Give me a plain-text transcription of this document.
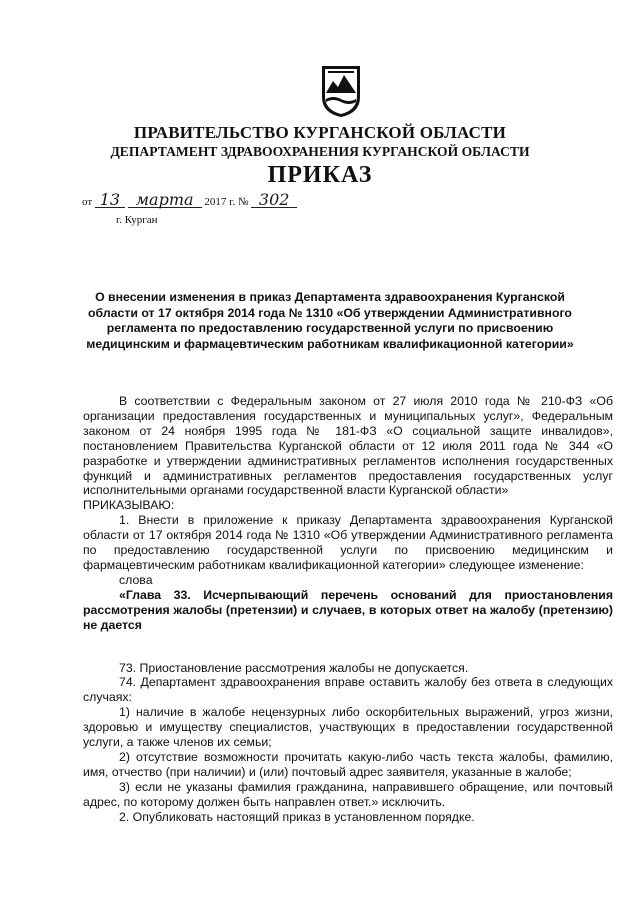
ПРАВИТЕЛЬСТВО КУРГАНСКОЙ ОБЛАСТИ
ДЕПАРТАМЕНТ ЗДРАВООХРАНЕНИЯ КУРГАНСКОЙ ОБЛАСТИ
ПРИКАЗ
от 13 марта 2017 г. № 302
г. Курган
О внесении изменения в приказ Департамента здравоохранения Курганской области от 17 октября 2014 года № 1310 «Об утверждении Административного регламента по предоставлению государственной услуги по присвоению медицинским и фармацевтическим работникам квалификационной категории»

В соответствии с Федеральным законом от 27 июля 2010 года № 210-ФЗ «Об организации предоставления государственных и муниципальных услуг», Федеральным законом от 24 ноября 1995 года № 181-ФЗ «О социальной защите инвалидов», постановлением Правительства Курганской области от 12 июля 2011 года № 344 «О разработке и утверждении административных регламентов исполнения государственных функций и административных регламентов предоставления государственных услуг исполнительными органами государственной власти Курганской области»

ПРИКАЗЫВАЮ:

1. Внести в приложение к приказу Департамента здравоохранения Курганской области от 17 октября 2014 года № 1310 «Об утверждении Административного регламента по предоставлению государственной услуги по присвоению медицинским и фармацевтическим работникам квалификационной категории» следующее изменение:

слова

«Глава 33. Исчерпывающий перечень оснований для приостановления рассмотрения жалобы (претензии) и случаев, в которых ответ на жалобу (претензию) не дается

73. Приостановление рассмотрения жалобы не допускается.

74. Департамент здравоохранения вправе оставить жалобу без ответа в следующих случаях:

1) наличие в жалобе нецензурных либо оскорбительных выражений, угроз жизни, здоровью и имуществу специалистов, участвующих в предоставлении государственной услуги, а также членов их семьи;

2) отсутствие возможности прочитать какую-либо часть текста жалобы, фамилию, имя, отчество (при наличии) и (или) почтовый адрес заявителя, указанные в жалобе;

3) если не указаны фамилия гражданина, направившего обращение, или почтовый адрес, по которому должен быть направлен ответ.» исключить.

2. Опубликовать настоящий приказ в установленном порядке.
